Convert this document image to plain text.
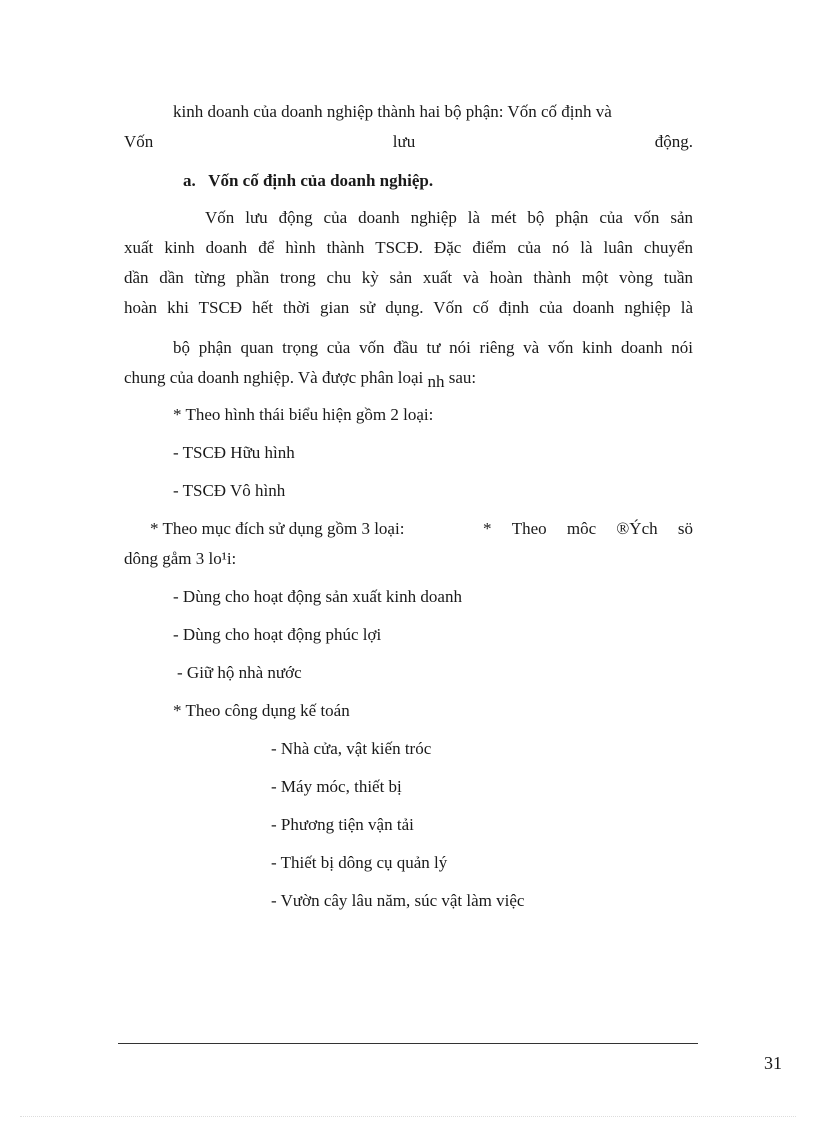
kinh doanh của doanh nghiệp thành hai bộ phận: Vốn cố định và
Vốn	lưu	động.
a. Vốn cố định của doanh nghiệp.
Vốn lưu động của doanh nghiệp là mét bộ phận của vốn sản
xuất kinh doanh để hình thành TSCĐ. Đặc điểm của nó là luân chuyển
dần dần từng phần trong chu kỳ sản xuất và hoàn thành một vòng tuần
hoàn khi TSCĐ hết thời gian sử dụng. Vốn cố định của doanh nghiệp là
bộ phận quan trọng của vốn đầu tư nói riêng và vốn kinh doanh nói
chung của doanh nghiệp. Và được phân loại nh sau:
* Theo hình thái biểu hiện gồm 2 loại:
- TSCĐ Hữu hình
- TSCĐ Vô hình
* Theo mục đích sử dụng gồm 3 loại:	* Theo môc ®Ých sö
dông gåm 3 lo¹i:
- Dùng cho hoạt động sản xuất kinh doanh
- Dùng cho hoạt động phúc lợi
- Giữ hộ nhà nước
* Theo công dụng kế toán
- Nhà cửa, vật kiến tróc
- Máy móc, thiết bị
- Phương tiện vận tải
- Thiết bị dông cụ quản lý
- Vườn cây lâu năm, súc vật làm việc
31
